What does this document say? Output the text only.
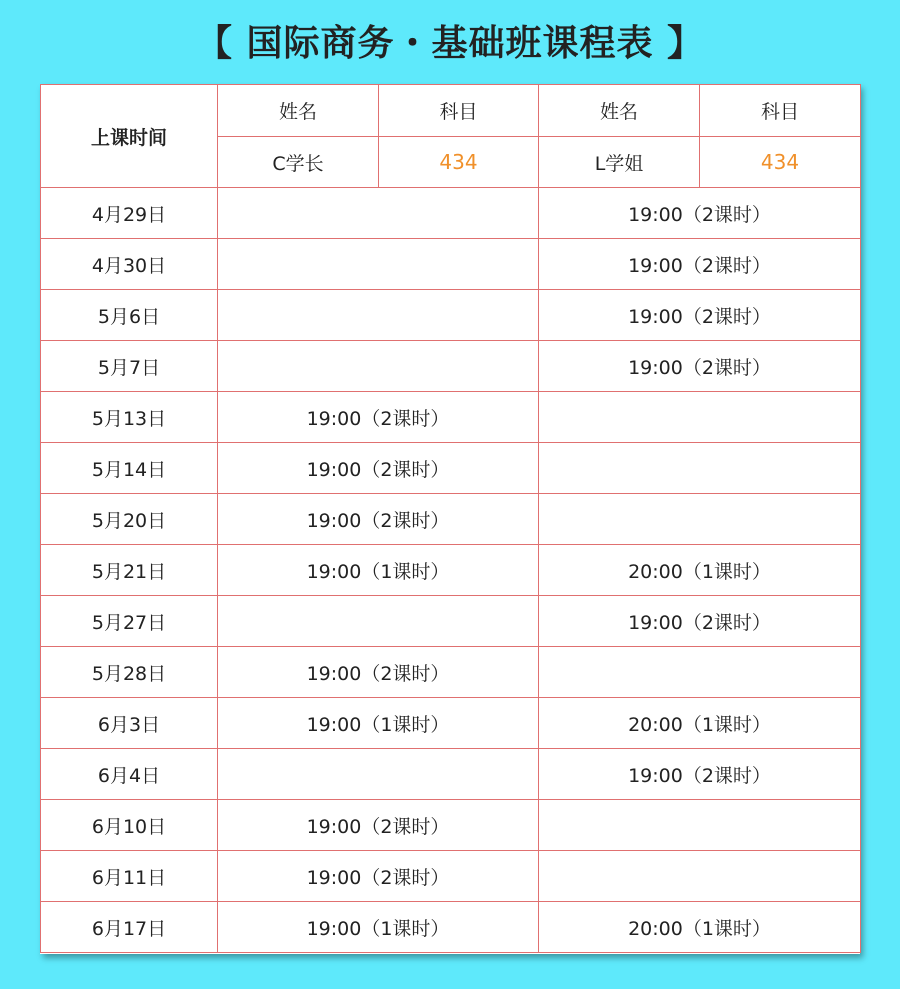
【 国际商务・基础班课程表 】
上课时间	姓名	科目	姓名	科目
	C学长	434	L学姐	434
4月29日			19:00（2课时）	
4月30日			19:00（2课时）	
5月6日			19:00（2课时）	
5月7日			19:00（2课时）	
5月13日	19:00（2课时）			
5月14日	19:00（2课时）			
5月20日	19:00（2课时）			
5月21日	19:00（1课时）		20:00（1课时）	
5月27日			19:00（2课时）	
5月28日	19:00（2课时）			
6月3日	19:00（1课时）		20:00（1课时）	
6月4日			19:00（2课时）	
6月10日	19:00（2课时）			
6月11日	19:00（2课时）			
6月17日	19:00（1课时）		20:00（1课时）	
